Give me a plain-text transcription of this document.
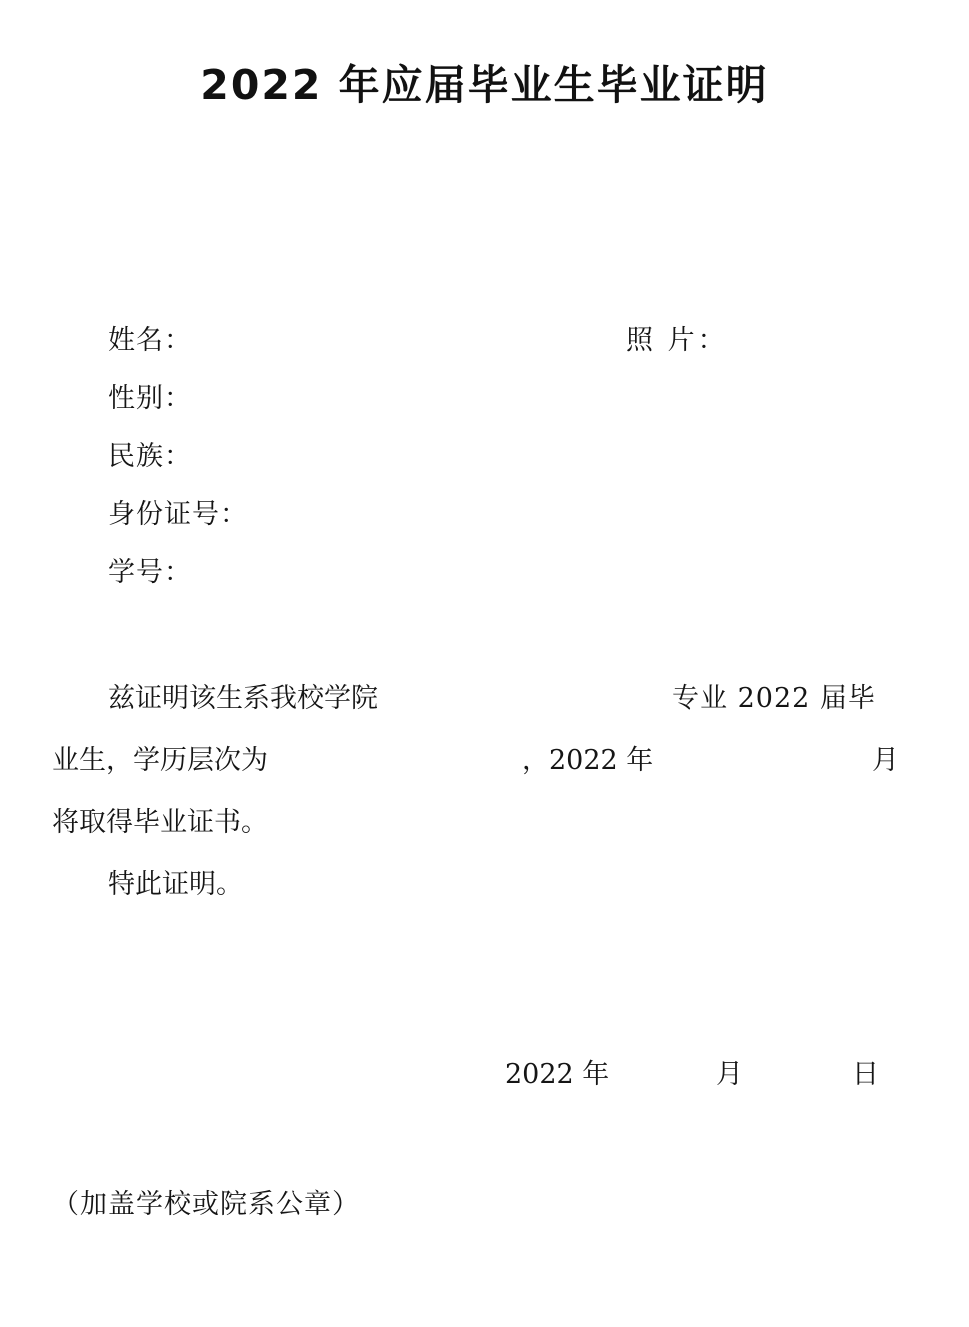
2022 年应届毕业生毕业证明
姓名：	照 片：
性别：
民族：
身份证号：
学号：
兹证明该生系我校学院	专业 2022 届毕
业生，学历层次为	，2022 年	月
将取得毕业证书。
特此证明。
2022 年	月	日
（加盖学校或院系公章）
